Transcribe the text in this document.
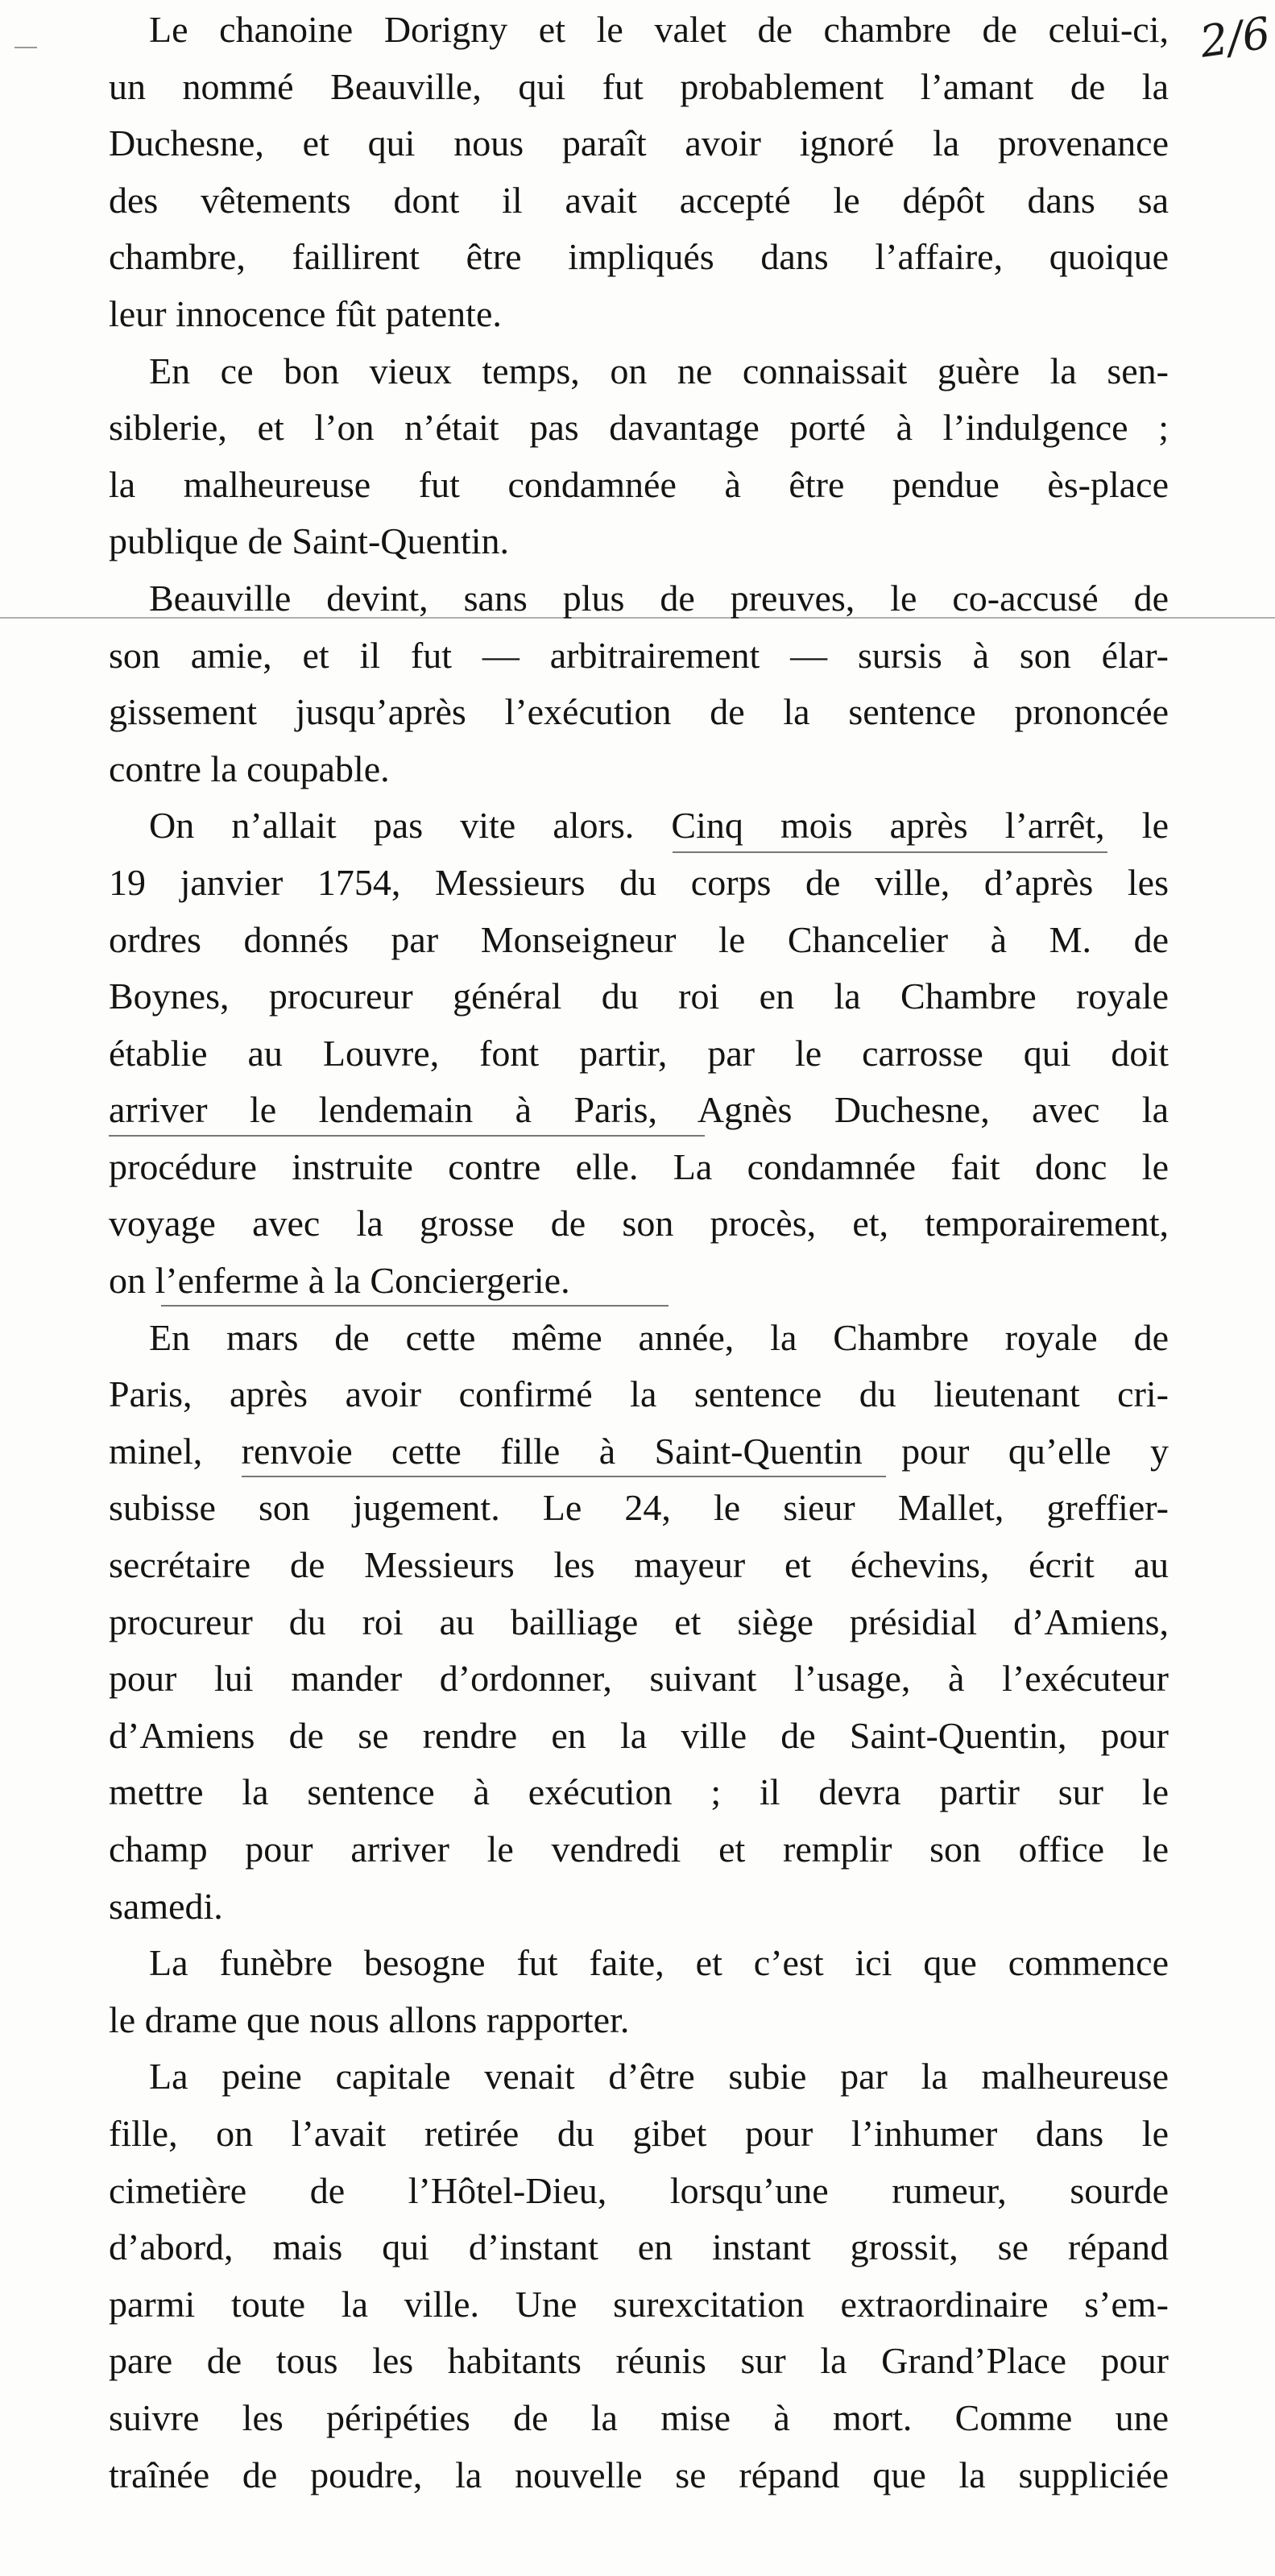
2/6
Le chanoine Dorigny et le valet de chambre de celui-ci,
un nommé Beauville, qui fut probablement l’amant de la
Duchesne, et qui nous paraît avoir ignoré la provenance
des vêtements dont il avait accepté le dépôt dans sa
chambre, faillirent être impliqués dans l’affaire, quoique
leur innocence fût patente.
En ce bon vieux temps, on ne connaissait guère la sen-
siblerie, et l’on n’était pas davantage porté à l’indulgence ;
la malheureuse fut condamnée à être pendue ès-place
publique de Saint-Quentin.
Beauville devint, sans plus de preuves, le co-accusé de
son amie, et il fut — arbitrairement — sursis à son élar-
gissement jusqu’après l’exécution de la sentence prononcée
contre la coupable.
On n’allait pas vite alors. Cinq mois après l’arrêt, le
19 janvier 1754, Messieurs du corps de ville, d’après les
ordres donnés par Monseigneur le Chancelier à M. de
Boynes, procureur général du roi en la Chambre royale
établie au Louvre, font partir, par le carrosse qui doit
arriver le lendemain à Paris, Agnès Duchesne, avec la
procédure instruite contre elle. La condamnée fait donc le
voyage avec la grosse de son procès, et, temporairement,
on l’enferme à la Conciergerie.
En mars de cette même année, la Chambre royale de
Paris, après avoir confirmé la sentence du lieutenant cri-
minel, renvoie cette fille à Saint-Quentin pour qu’elle y
subisse son jugement. Le 24, le sieur Mallet, greffier-
secrétaire de Messieurs les mayeur et échevins, écrit au
procureur du roi au bailliage et siège présidial d’Amiens,
pour lui mander d’ordonner, suivant l’usage, à l’exécuteur
d’Amiens de se rendre en la ville de Saint-Quentin, pour
mettre la sentence à exécution ; il devra partir sur le
champ pour arriver le vendredi et remplir son office le
samedi.
La funèbre besogne fut faite, et c’est ici que commence
le drame que nous allons rapporter.
La peine capitale venait d’être subie par la malheureuse
fille, on l’avait retirée du gibet pour l’inhumer dans le
cimetière de l’Hôtel-Dieu, lorsqu’une rumeur, sourde
d’abord, mais qui d’instant en instant grossit, se répand
parmi toute la ville. Une surexcitation extraordinaire s’em-
pare de tous les habitants réunis sur la Grand’Place pour
suivre les péripéties de la mise à mort. Comme une
traînée de poudre, la nouvelle se répand que la suppliciée
